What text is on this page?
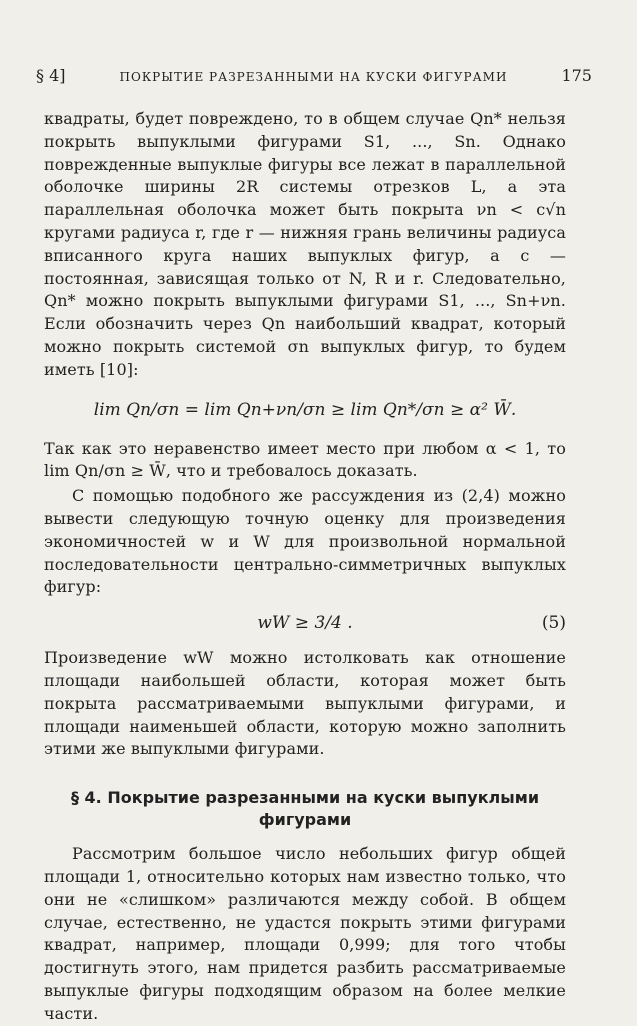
§ 4]	ПОКРЫТИЕ РАЗРЕЗАННЫМИ НА КУСКИ ФИГУРАМИ	175

квадраты, будет повреждено, то в общем случае Qn* нельзя покрыть выпуклыми фигурами S1, ..., Sn. Однако поврежденные выпуклые фигуры все лежат в параллельной оболочке ширины 2R системы отрезков L, а эта параллельная оболочка может быть покрыта νn < c√n кругами радиуса r, где r — нижняя грань величины радиуса вписанного круга наших выпуклых фигур, а c — постоянная, зависящая только от N, R и r. Следовательно, Qn* можно покрыть выпуклыми фигурами S1, ..., Sn+νn. Если обозначить через Qn наибольший квадрат, который можно покрыть системой σn выпуклых фигур, то будем иметь [10]:

lim Qn/σn = lim Qn+νn/σn ≥ lim Qn*/σn ≥ α² W̄.

Так как это неравенство имеет место при любом α < 1, то lim Qn/σn ≥ W̄, что и требовалось доказать.

С помощью подобного же рассуждения из (2,4) можно вывести следующую точную оценку для произведения экономичностей w и W для произвольной нормальной последовательности центрально-симметричных выпуклых фигур:

wW ≥ 3/4 .	(5)

Произведение wW можно истолковать как отношение площади наибольшей области, которая может быть покрыта рассматриваемыми выпуклыми фигурами, и площади наименьшей области, которую можно заполнить этими же выпуклыми фигурами.

§ 4. Покрытие разрезанными на куски выпуклыми фигурами

Рассмотрим большое число небольших фигур общей площади 1, относительно которых нам известно только, что они не «слишком» различаются между собой. В общем случае, естественно, не удастся покрыть этими фигурами квадрат, например, площади 0,999; для того чтобы достигнуть этого, нам придется разбить рассматриваемые выпуклые фигуры подходящим образом на более мелкие части.
